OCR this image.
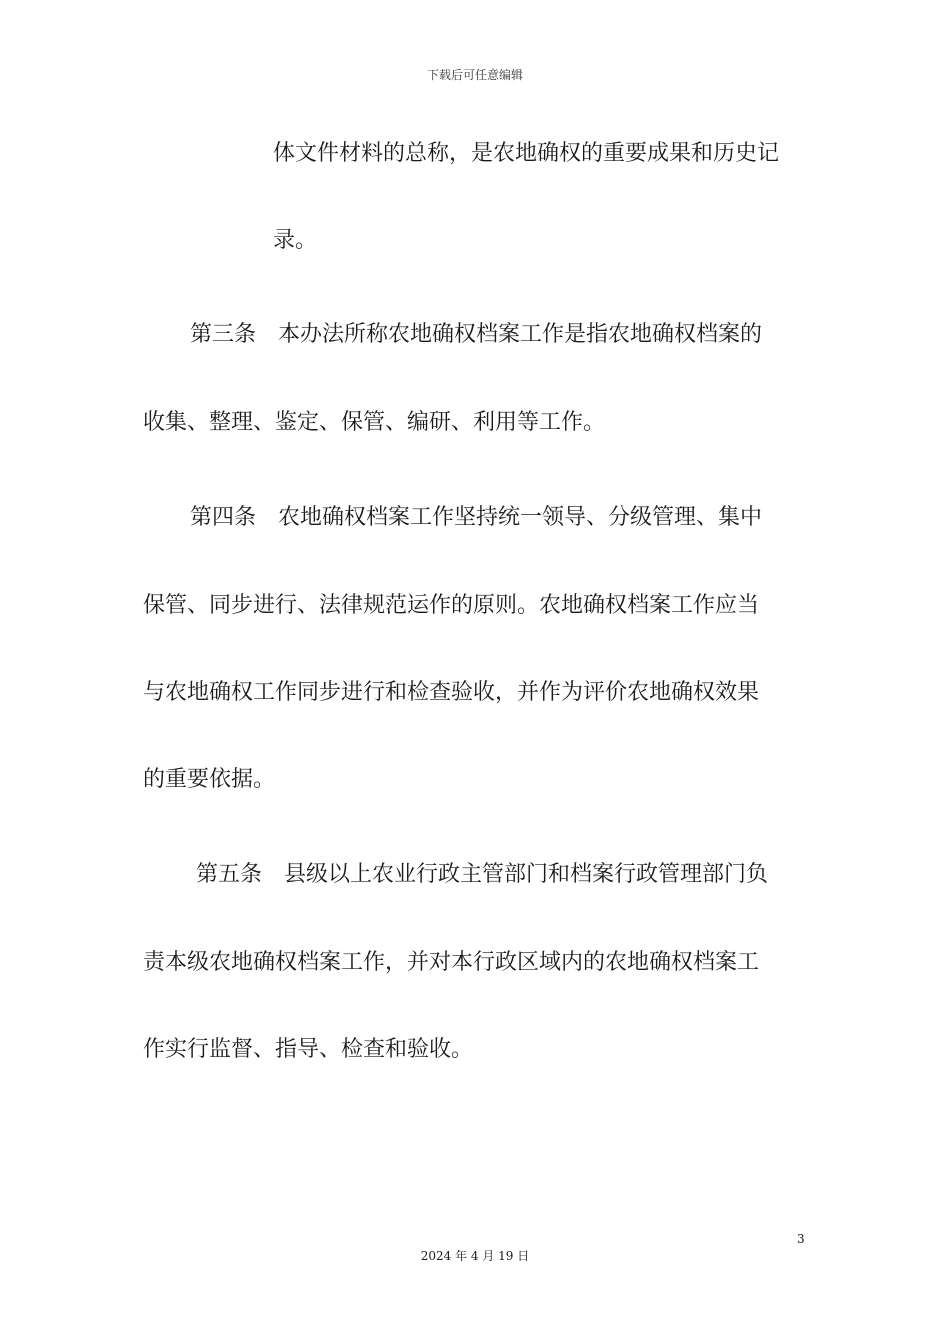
下载后可任意编辑
体文件材料的总称，是农地确权的重要成果和历史记
录。
第三条　本办法所称农地确权档案工作是指农地确权档案的
收集、整理、鉴定、保管、编研、利用等工作。
第四条　农地确权档案工作坚持统一领导、分级管理、集中
保管、同步进行、法律规范运作的原则。农地确权档案工作应当
与农地确权工作同步进行和检查验收，并作为评价农地确权效果
的重要依据。
第五条　县级以上农业行政主管部门和档案行政管理部门负
责本级农地确权档案工作，并对本行政区域内的农地确权档案工
作实行监督、指导、检查和验收。
3
2024 年 4 月 19 日
